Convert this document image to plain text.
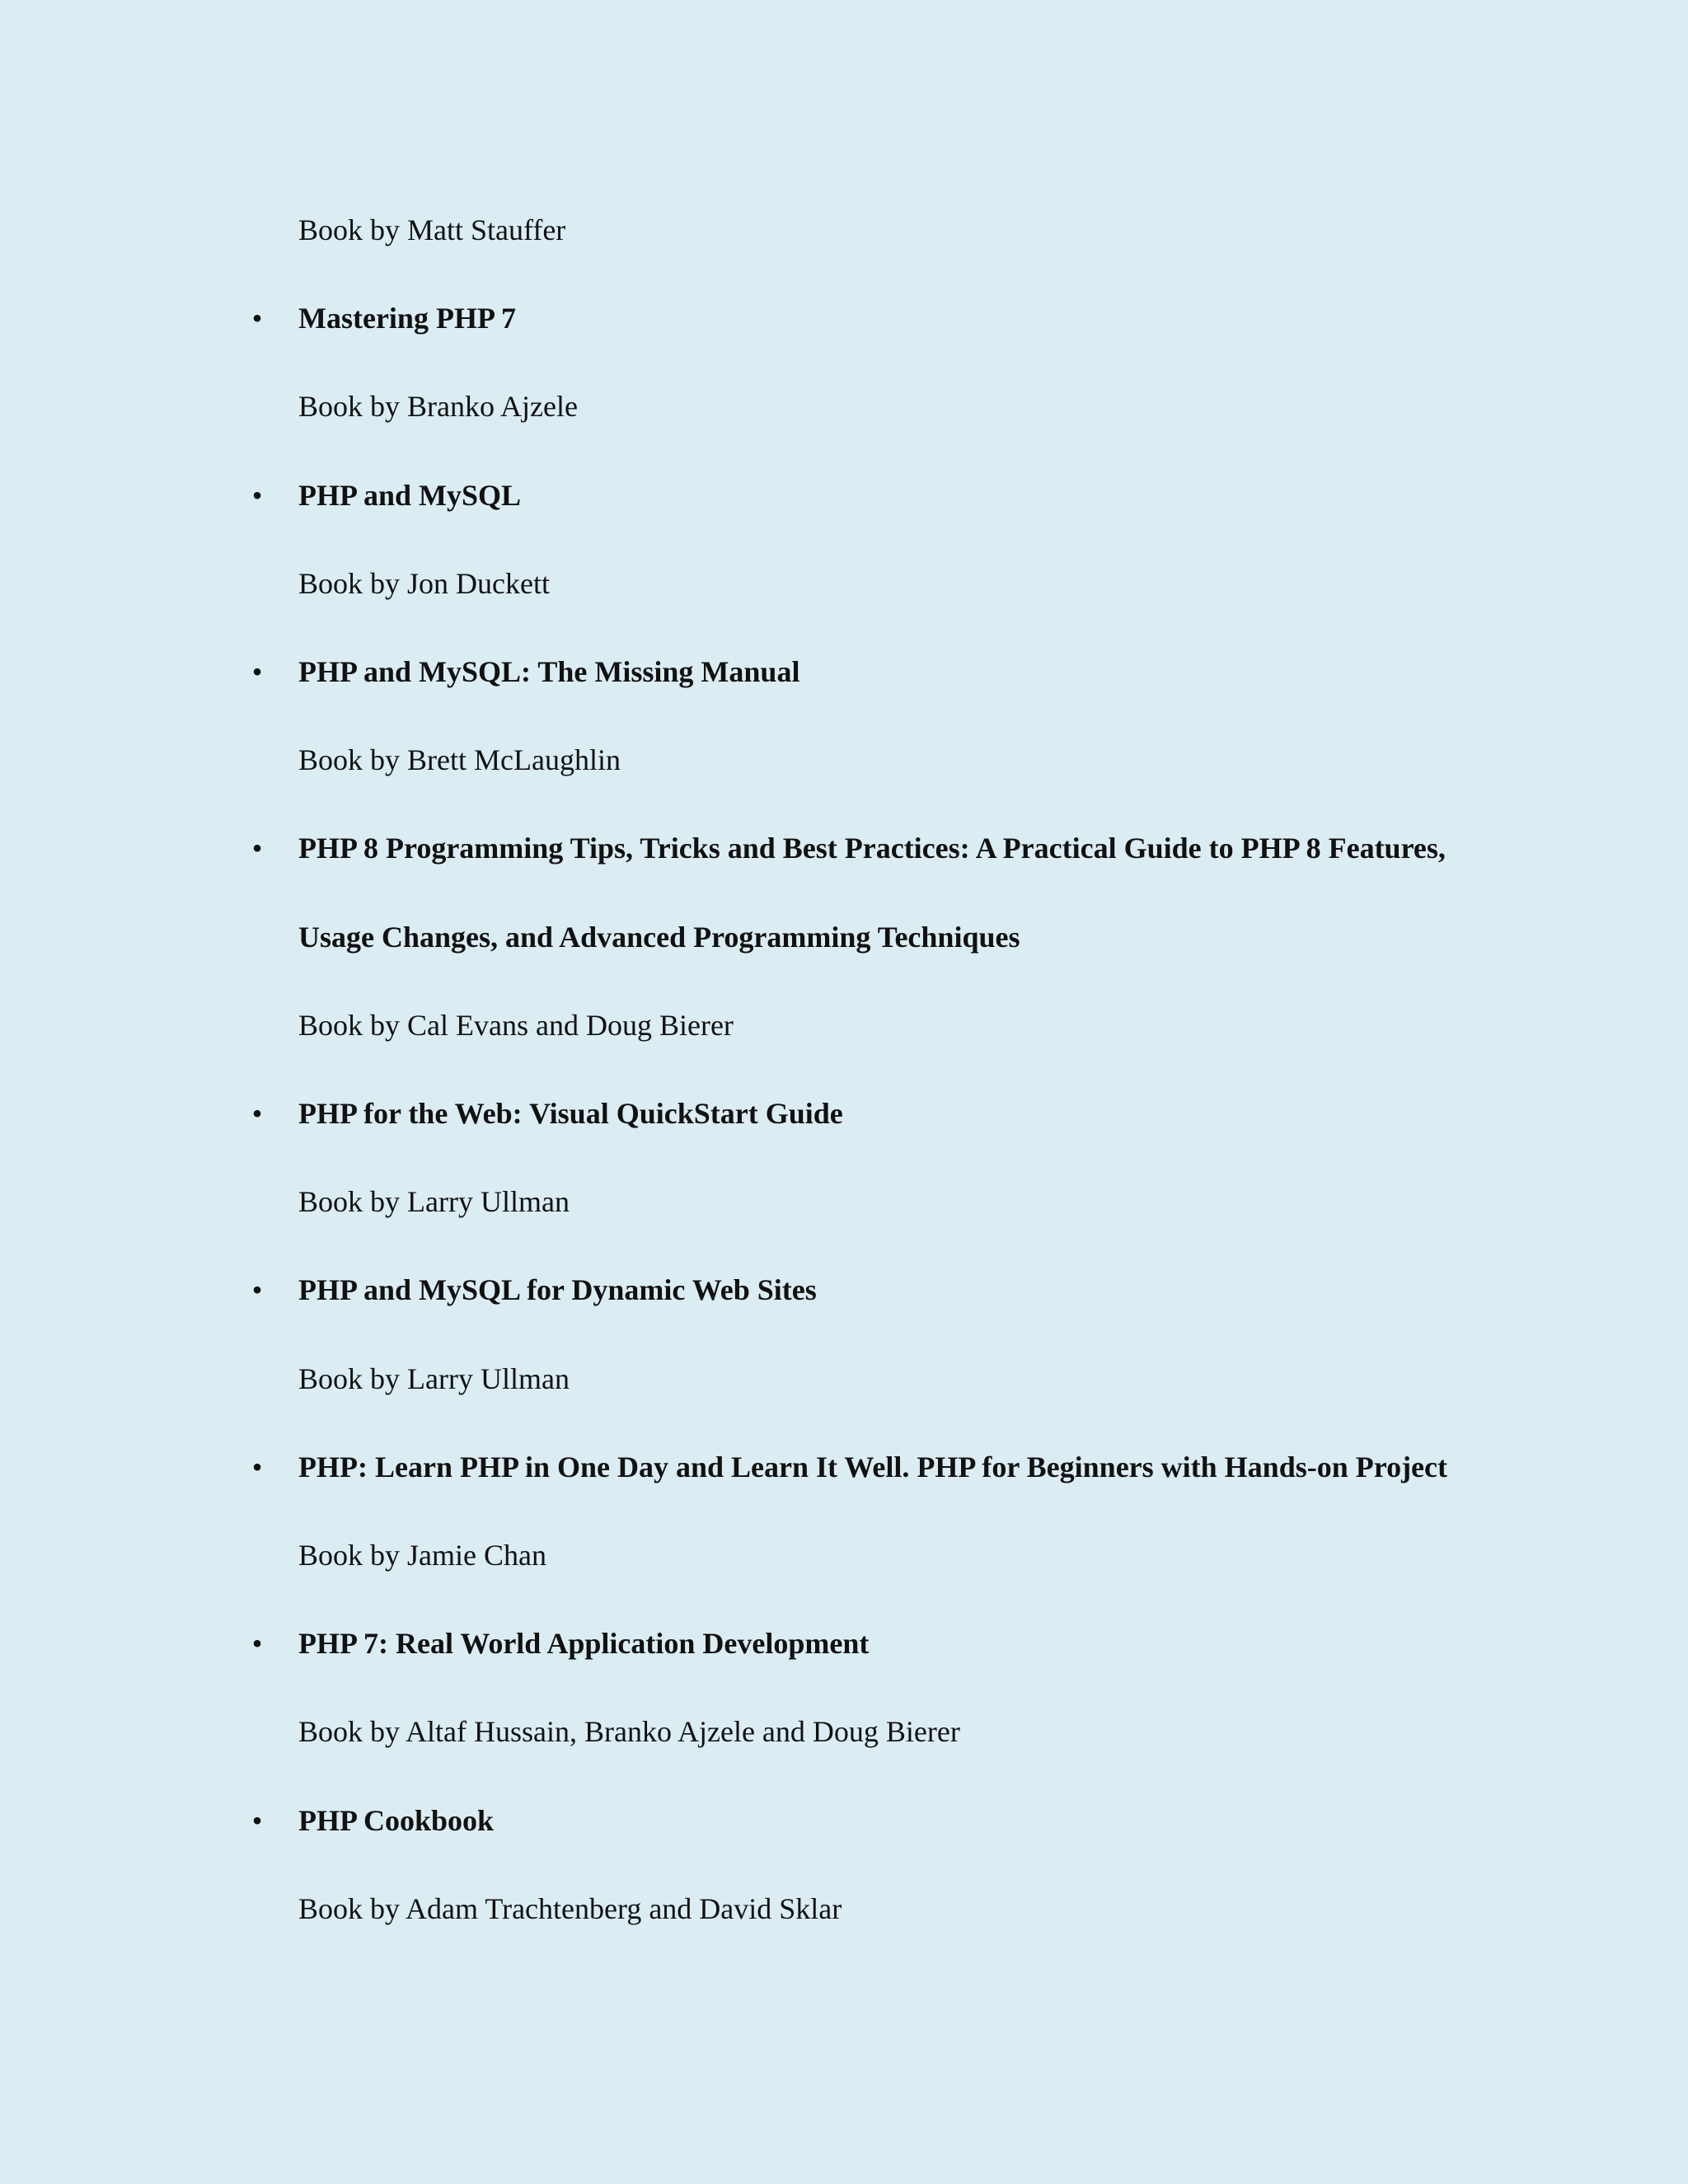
Book by Matt Stauffer

• Mastering PHP 7

Book by Branko Ajzele

• PHP and MySQL

Book by Jon Duckett

• PHP and MySQL: The Missing Manual

Book by Brett McLaughlin

• PHP 8 Programming Tips, Tricks and Best Practices: A Practical Guide to PHP 8 Features,

Usage Changes, and Advanced Programming Techniques

Book by Cal Evans and Doug Bierer

• PHP for the Web: Visual QuickStart Guide

Book by Larry Ullman

• PHP and MySQL for Dynamic Web Sites

Book by Larry Ullman

• PHP: Learn PHP in One Day and Learn It Well. PHP for Beginners with Hands-on Project

Book by Jamie Chan

• PHP 7: Real World Application Development

Book by Altaf Hussain, Branko Ajzele and Doug Bierer

• PHP Cookbook

Book by Adam Trachtenberg and David Sklar
